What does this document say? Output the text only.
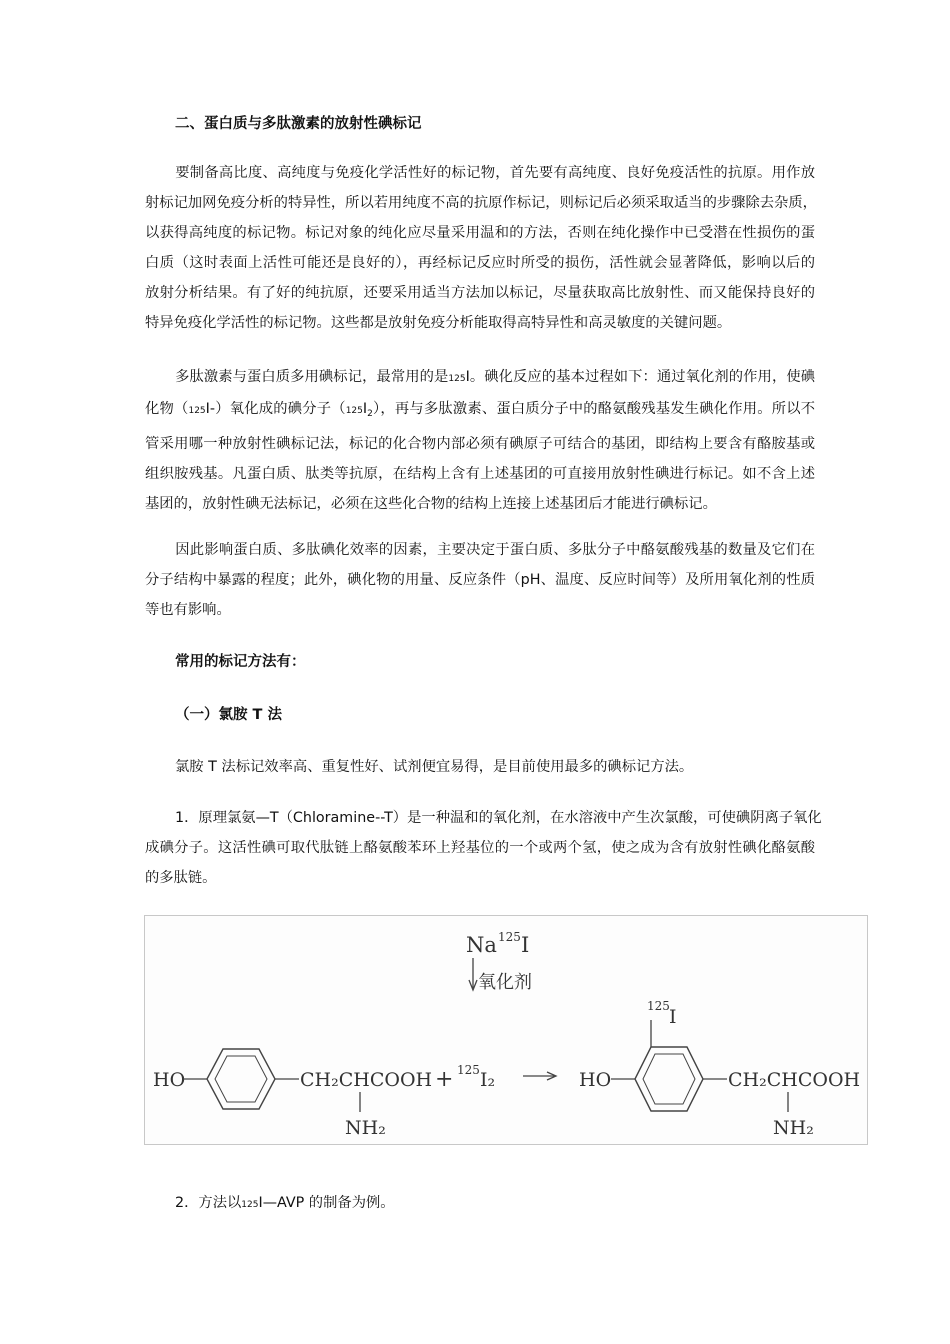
二、蛋白质与多肽激素的放射性碘标记
要制备高比度、高纯度与免疫化学活性好的标记物，首先要有高纯度、良好免疫活性的抗原。用作放
射标记加网免疫分析的特异性，所以若用纯度不高的抗原作标记，则标记后必须采取适当的步骤除去杂质，
以获得高纯度的标记物。标记对象的纯化应尽量采用温和的方法，否则在纯化操作中已受潜在性损伤的蛋
白质（这时表面上活性可能还是良好的），再经标记反应时所受的损伤，活性就会显著降低，影响以后的
放射分析结果。有了好的纯抗原，还要采用适当方法加以标记，尽量获取高比放射性、而又能保持良好的
特异免疫化学活性的标记物。这些都是放射免疫分析能取得高特异性和高灵敏度的关键问题。
多肽激素与蛋白质多用碘标记，最常用的是125I。碘化反应的基本过程如下：通过氧化剂的作用，使碘
化物（125I-）氧化成的碘分子$(125I_2)$，再与多肽激素、蛋白质分子中的酪氨酸残基发生碘化作用。所以不
管采用哪一种放射性碘标记法，标记的化合物内部必须有碘原子可结合的基团，即结构上要含有酪胺基或
组织胺残基。凡蛋白质、肽类等抗原，在结构上含有上述基团的可直接用放射性碘进行标记。如不含上述
基团的，放射性碘无法标记，必须在这些化合物的结构上连接上述基团后才能进行碘标记。
因此影响蛋白质、多肽碘化效率的因素，主要决定于蛋白质、多肽分子中酪氨酸残基的数量及它们在
分子结构中暴露的程度；此外，碘化物的用量、反应条件（pH、温度、反应时间等）及所用氧化剂的性质
等也有影响。
常用的标记方法有：
（一）氯胺 T 法
氯胺 T 法标记效率高、重复性好、试剂便宜易得，是目前使用最多的碘标记方法。
1．原理氯氨—T（Chloramine--T）是一种温和的氧化剂，在水溶液中产生次氯酸，可使碘阴离子氧化
成碘分子。这活性碘可取代肽链上酪氨酸苯环上羟基位的一个或两个氢，使之成为含有放射性碘化酪氨酸
的多肽链。
Na 125 I
氧化剂
HO	CH₂CHCOOH
NH₂
+ 125 I₂	HO
125 I
CH₂CHCOOH
NH₂
2．方法以125I—AVP 的制备为例。
